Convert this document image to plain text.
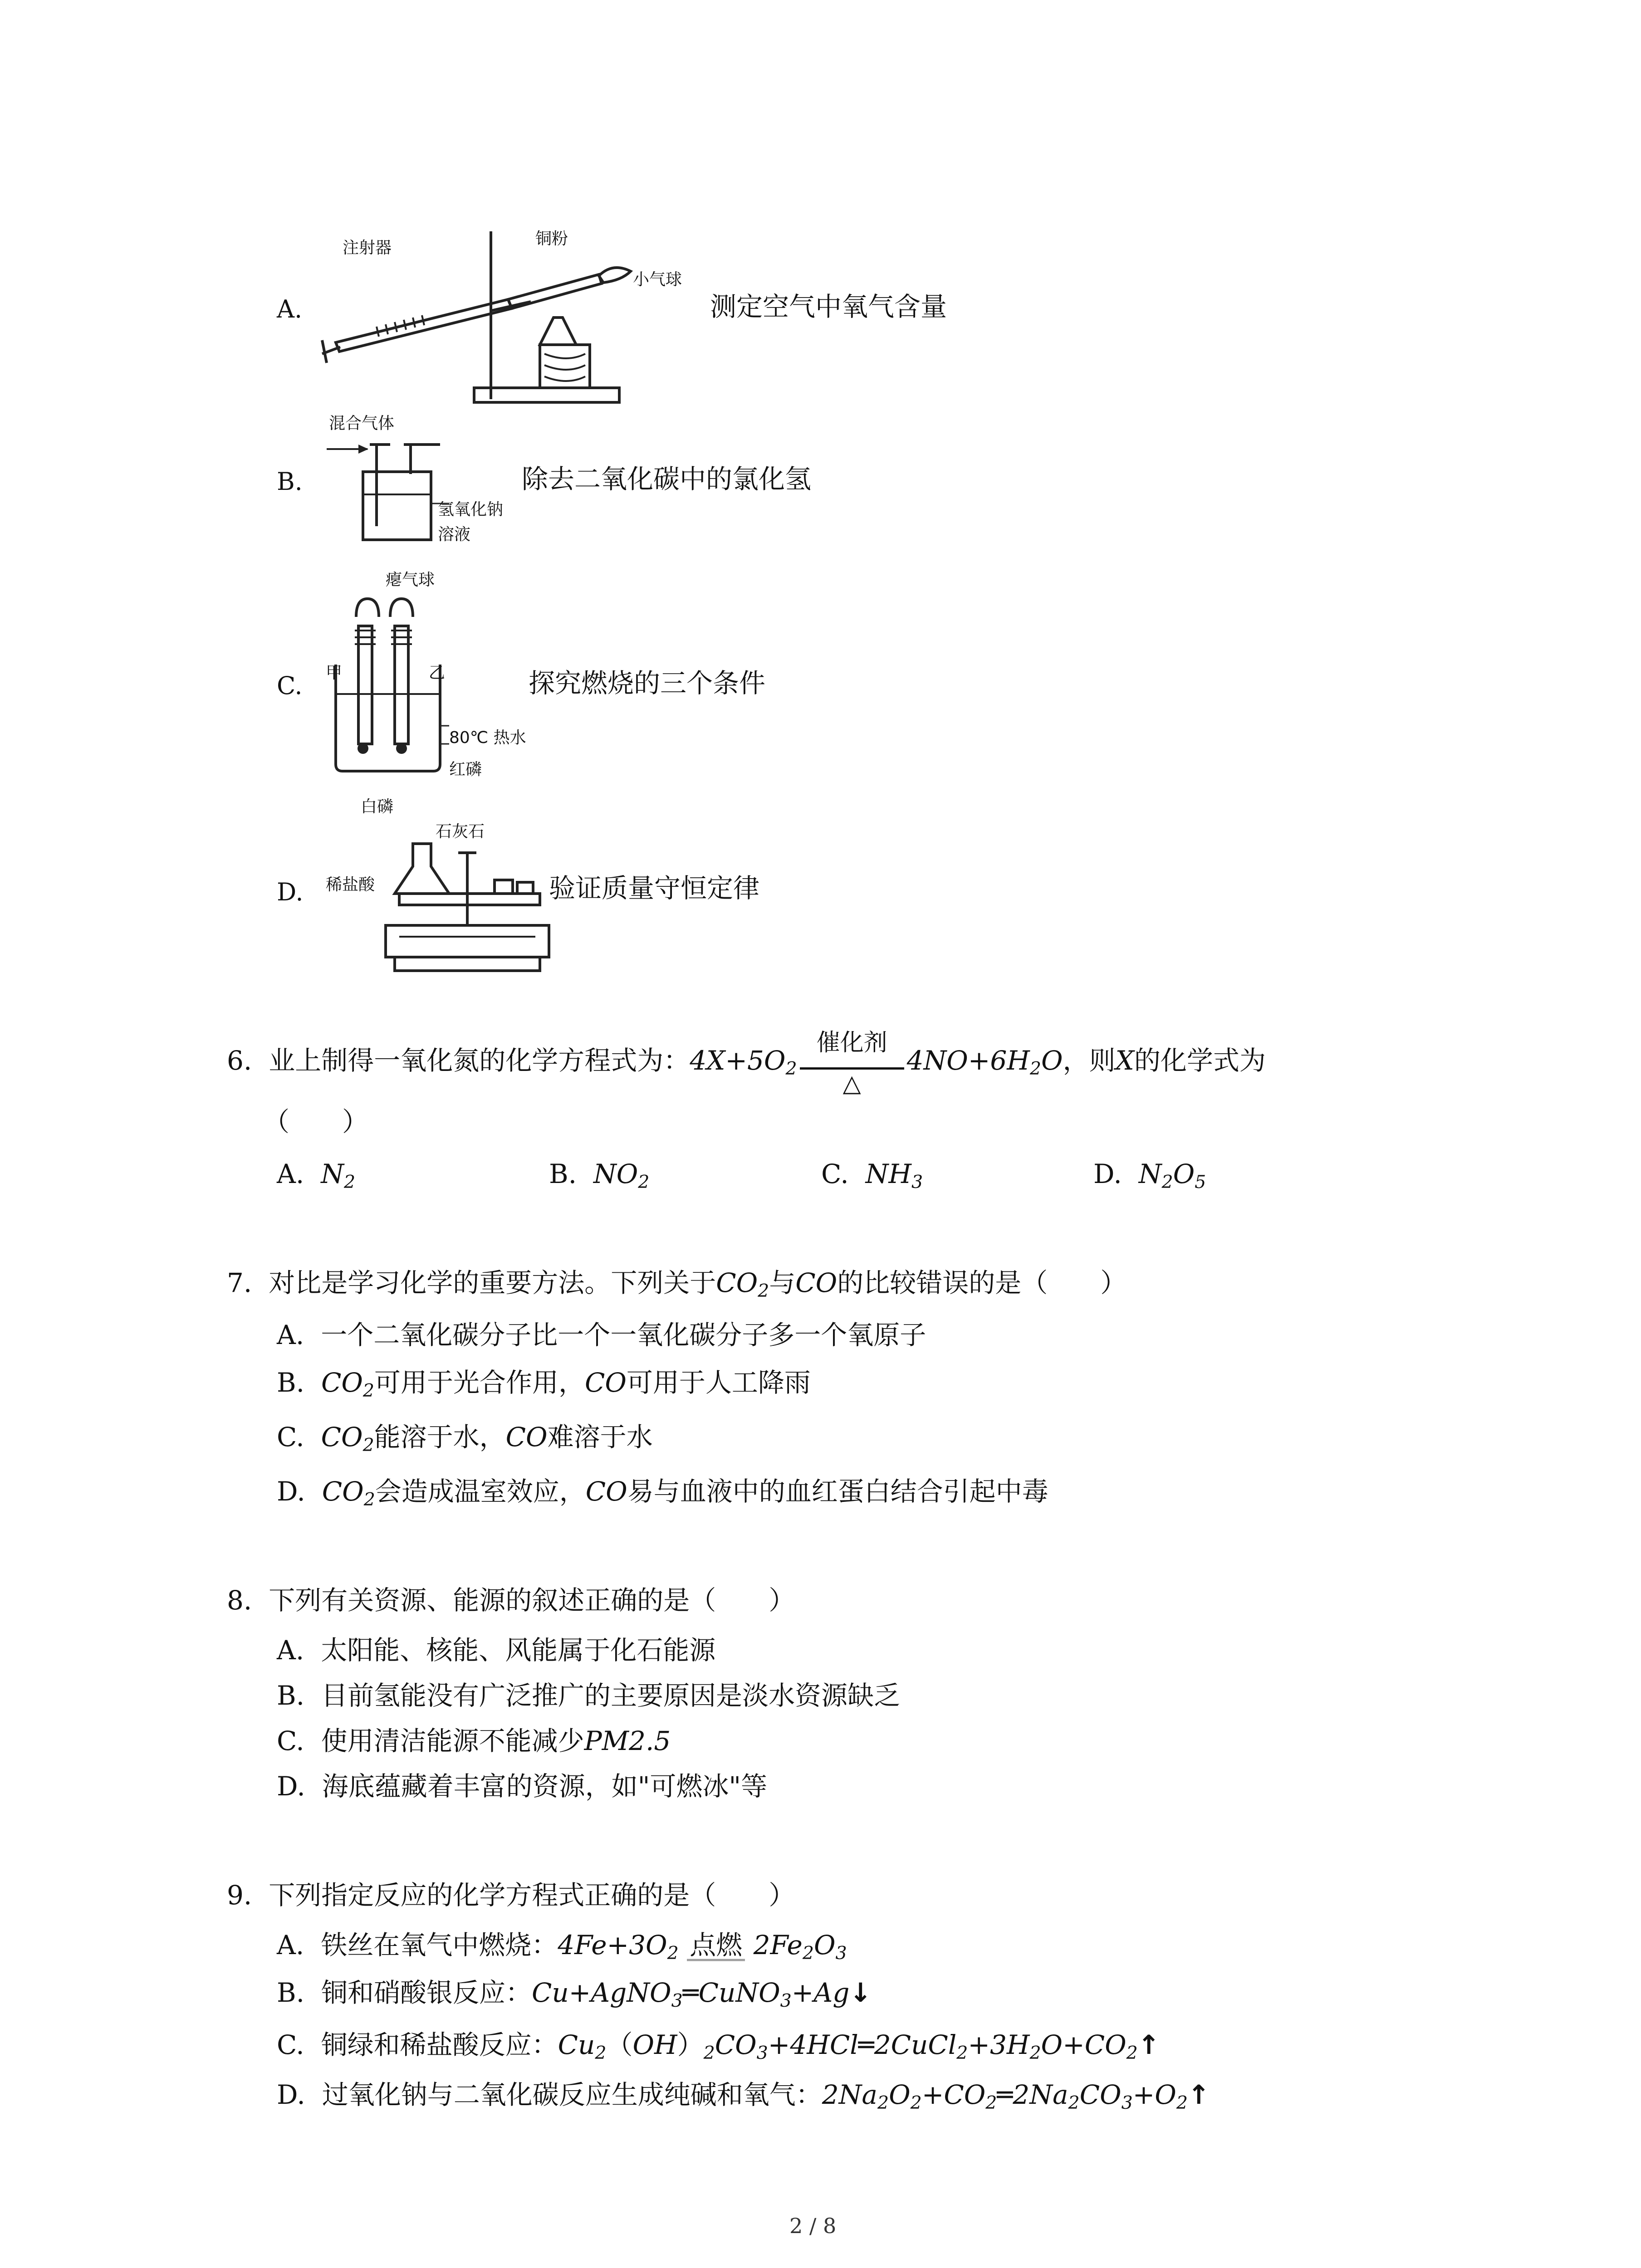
A.
注射器	铜粉
小气球
测定空气中氧气含量
B.
混合气体
氢氧化钠
溶液
除去二氧化碳中的氯化氢
C.
瘪气球
甲	乙
80℃ 热水
红磷
白磷
探究燃烧的三个条件
D.
石灰石
稀盐酸	验证质量守恒定律
6. 业上制得一氧化氮的化学方程式为：$4X+5O_2$
催化剂
△
$4NO+6H_2O$，则X的化学式为
（　　）
A. $N_2$	B. $NO_2$	C. $NH_3$	D. $N_2O_5$
7. 对比是学习化学的重要方法。下列关于$CO_2$与CO的比较错误的是（　　）
A. 一个二氧化碳分子比一个一氧化碳分子多一个氧原子
B. $CO_2$可用于光合作用，CO可用于人工降雨
C. $CO_2$能溶于水，CO难溶于水
D. $CO_2$会造成温室效应，CO易与血液中的血红蛋白结合引起中毒
8. 下列有关资源、能源的叙述正确的是（　　）
A. 太阳能、核能、风能属于化石能源
B. 目前氢能没有广泛推广的主要原因是淡水资源缺乏
C. 使用清洁能源不能减少PM2.5
D. 海底蕴藏着丰富的资源，如"可燃冰"等
9. 下列指定反应的化学方程式正确的是（　　）
A. 铁丝在氧气中燃烧：$4Fe+3O_2$ 点燃 $2Fe_2O_3$
B. 铜和硝酸银反应：Cu+AgNO$_3$═CuNO$_3$+Ag↓
C. 铜绿和稀盐酸反应：$Cu_2(OH)_2CO_3+4HCl═2CuCl_2+3H_2O+CO_2↑$
D. 过氧化钠与二氧化碳反应生成纯碱和氧气：$2Na_2O_2+CO_2═2Na_2CO_3+O_2↑$
2 / 8
